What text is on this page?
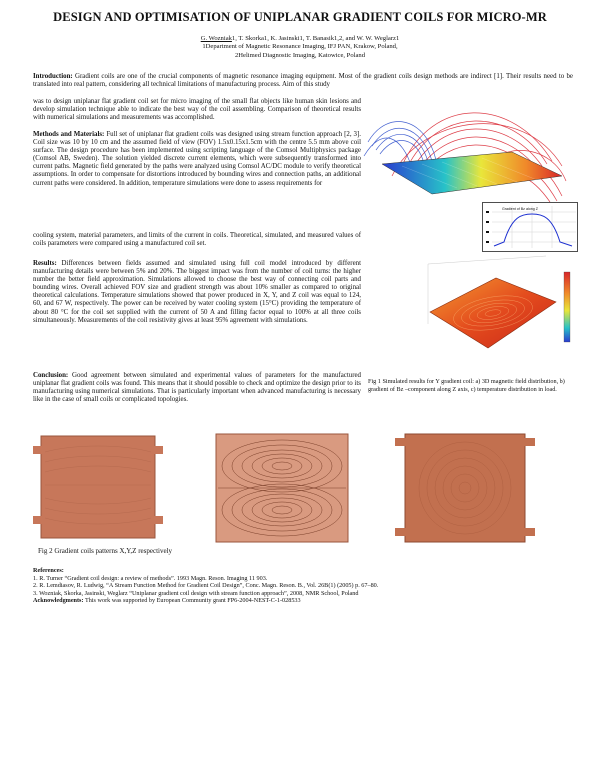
DESIGN AND OPTIMISATION OF UNIPLANAR GRADIENT COILS FOR MICRO-MR
G. Wozniak1, T. Skorka1, K. Jasinski1, T. Banasik1,2, and W. W. Weglarz1
1Department of Magnetic Resonance Imaging, IFJ PAN, Krakow, Poland,
2Helimed Diagnostic Imaging, Katowice, Poland

Introduction: Gradient coils are one of the crucial components of magnetic resonance imaging equipment. Most of the gradient coils design methods are indirect [1]. Their results need to be translated into real pattern, considering all technical limitations of manufacturing process. Aim of this study

was to design uniplanar flat gradient coil set for micro imaging of the small flat objects like human skin lesions and develop simulation technique able to indicate the best way of the coil assembling. Comparison of theoretical results with numerical simulations and measurements was accomplished.

Methods and Materials: Full set of uniplanar flat gradient coils was designed using stream function approach [2, 3]. Coil size was 10 by 10 cm and the assumed field of view (FOV) 1.5x0.15x1.5cm with the centre 5.5 mm above coil surface. The design procedure has been implemented using scripting language of the Comsol Multiphysics package (Comsol AB, Sweden). The solution yielded discrete current elements, which were subsequently transformed into current paths. Magnetic field generated by the paths were analyzed using Comsol AC/DC module to verify theoretical assumptions. In order to compensate for distortions introduced by bounding wires and connection paths, an additional current paths were considered. In addition, temperature simulations were done to assess requirements for

cooling system, material parameters, and limits of the current in coils. Theoretical, simulated, and measured values of coils parameters were compared using a manufactured coil set.

Results: Differences between fields assumed and simulated using full coil model introduced by different manufacturing details were between 5% and 20%. The biggest impact was from the number of coil turns: the higher number the better field approximation. Simulations allowed to choose the best way of connecting coil parts and bounding wires. Overall achieved FOV size and gradient strength was about 10% smaller as compared to original theoretical calculations. Temperature simulations showed that power produced in X, Y, and Z coil was equal to 124, 60, and 67 W, respectively. The power can be received by water cooling system (15°C) providing the temperature of about 80 °C for the coil set supplied with the current of 50 A and filling factor equal to 100% at all three coils simultaneously. Measurements of the coil resistivity gives at least 95% agreement with simulations.

Conclusion: Good agreement between simulated and experimental values of parameters for the manufactured uniplanar flat gradient coils was found. This means that it should possible to check and optimize the design prior to its manufacturing using numerical simulations. That is particularly important when advanced manufacturing is necessary like in the case of small coils or complicated topologies.

Gradient of Bz along Z
Fig 1 Simulated results for Y gradient coil: a) 3D magnetic field distribution, b) gradient of Bz –component along Z axis, c) temperature distribution in load.
Fig 2 Gradient coils patterns X,Y,Z respectively
References:
1. R. Turner “Gradient coil design: a review of methods”. 1993 Magn. Reson. Imaging 11 903.
2. R. Lemdiasov, R. Ludwig, “A Stream Function Method for Gradient Coil Design”, Conc. Magn. Reson. B., Vol. 26B(1) (2005) p. 67–80.
3. Wozniak, Skorka, Jasinski, Weglarz “Uniplanar gradient coil design with stream function approach”, 2008, NMR School, Poland
Acknowledgments: This work was supported by European Community grant FP6-2004-NEST-C-1-028533
